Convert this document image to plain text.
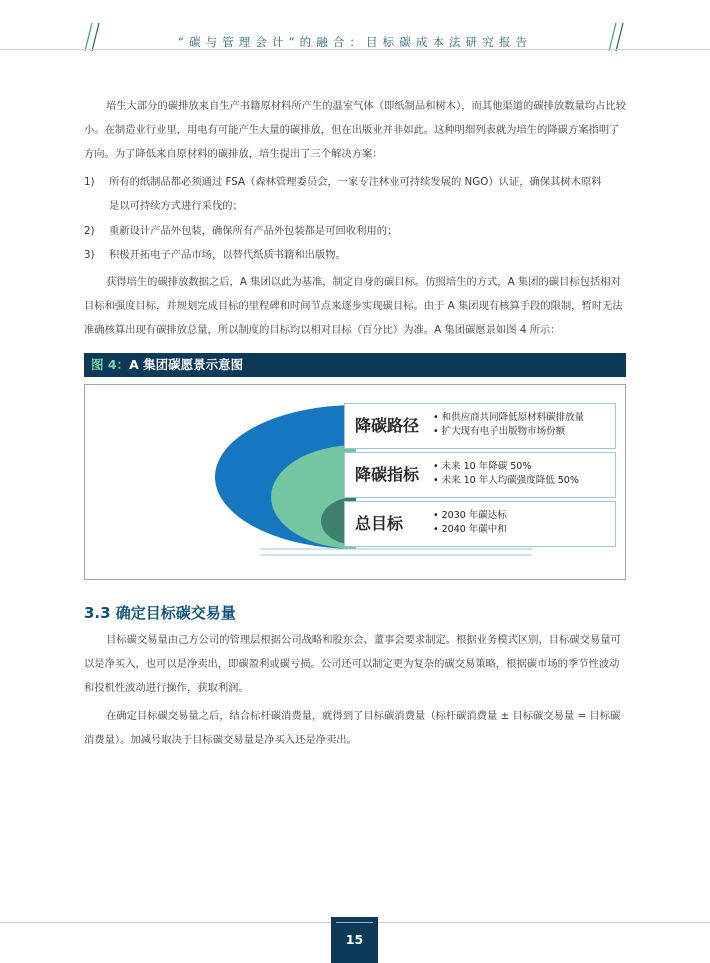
“碳与管理会计”的融合：目标碳成本法研究报告
培生大部分的碳排放来自生产书籍原材料所产生的温室气体（即纸制品和树木），而其他渠道的碳排放数量均占比较小。在制造业行业里，用电有可能产生大量的碳排放，但在出版业并非如此。这种明细列表就为培生的降碳方案指明了方向。为了降低来自原材料的碳排放，培生提出了三个解决方案：
1) 所有的纸制品都必须通过 FSA（森林管理委员会，一家专注林业可持续发展的 NGO）认证，确保其树木原料
是以可持续方式进行采伐的；
2) 重新设计产品外包装，确保所有产品外包装都是可回收利用的；
3) 积极开拓电子产品市场，以替代纸质书籍和出版物。
获得培生的碳排放数据之后，A 集团以此为基准，制定自身的碳目标。仿照培生的方式，A 集团的碳目标包括相对目标和强度目标，并规划完成目标的里程碑和时间节点来逐步实现碳目标。由于 A 集团现有核算手段的限制，暂时无法准确核算出现有碳排放总量，所以制度的目标均以相对目标（百分比）为准。A 集团碳愿景如图 4 所示：
图 4：A 集团碳愿景示意图
降碳路径	• 和供应商共同降低原材料碳排放量
• 扩大现有电子出版物市场份额
降碳指标	• 未来 10 年降碳 50%
• 未来 10 年人均碳强度降低 50%
总目标	• 2030 年碳达标
• 2040 年碳中和
3.3 确定目标碳交易量
目标碳交易量由己方公司的管理层根据公司战略和股东会、董事会要求制定。根据业务模式区别，目标碳交易量可以是净买入，也可以是净卖出，即碳盈利或碳亏损。公司还可以制定更为复杂的碳交易策略，根据碳市场的季节性波动和投机性波动进行操作，获取利润。
在确定目标碳交易量之后，结合标杆碳消费量，就得到了目标碳消费量（标杆碳消费量 ± 目标碳交易量 = 目标碳消费量）。加减号取决于目标碳交易量是净买入还是净卖出。
15
